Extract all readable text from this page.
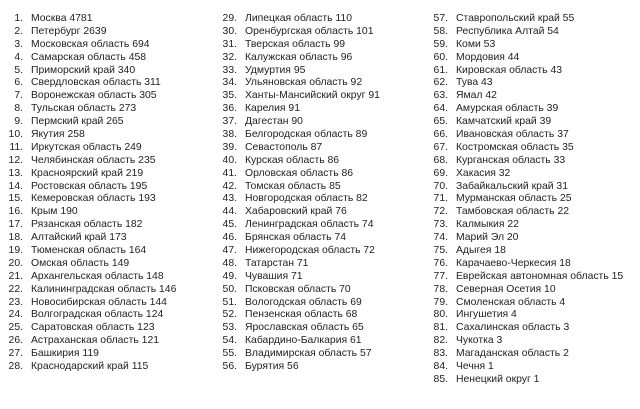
1. Москва 4781
2. Петербург 2639
3. Московская область 694
4. Самарская область 458
5. Приморский край 340
6. Свердловская область 311
7. Воронежская область 305
8. Тульская область 273
9. Пермский край 265
10. Якутия 258
11. Иркутская область 249
12. Челябинская область 235
13. Красноярский край 219
14. Ростовская область 195
15. Кемеровская область 193
16. Крым 190
17. Рязанская область 182
18. Алтайский край 173
19. Тюменская область 164
20. Омская область 149
21. Архангельская область 148
22. Калининградская область 146
23. Новосибирская область 144
24. Волгоградская область 124
25. Саратовская область 123
26. Астраханская область 121
27. Башкирия 119
28. Краснодарский край 115
29. Липецкая область 110
30. Оренбургская область 101
31. Тверская область 99
32. Калужская область 96
33. Удмуртия 95
34. Ульяновская область 92
35. Ханты-Мансийский округ 91
36. Карелия 91
37. Дагестан 90
38. Белгородская область 89
39. Севастополь 87
40. Курская область 86
41. Орловская область 86
42. Томская область 85
43. Новгородская область 82
44. Хабаровский край 76
45. Ленинградская область 74
46. Брянская область 74
47. Нижегородская область 72
48. Татарстан 71
49. Чувашия 71
50. Псковская область 70
51. Вологодская область 69
52. Пензенская область 68
53. Ярославская область 65
54. Кабардино-Балкария 61
55. Владимирская область 57
56. Бурятия 56
57. Ставропольский край 55
58. Республика Алтай 54
59. Коми 53
60. Мордовия 44
61. Кировская область 43
62. Тува 43
63. Ямал 42
64. Амурская область 39
65. Камчатский край 39
66. Ивановская область 37
67. Костромская область 35
68. Курганская область 33
69. Хакасия 32
70. Забайкальский край 31
71. Мурманская область 25
72. Тамбовская область 22
73. Калмыкия 22
74. Марий Эл 20
75. Адыгея 18
76. Карачаево-Черкесия 18
77. Еврейская автономная область 15
78. Северная Осетия 10
79. Смоленская область 4
80. Ингушетия 4
81. Сахалинская область 3
82. Чукотка 3
83. Магаданская область 2
84. Чечня 1
85. Ненецкий округ 1
